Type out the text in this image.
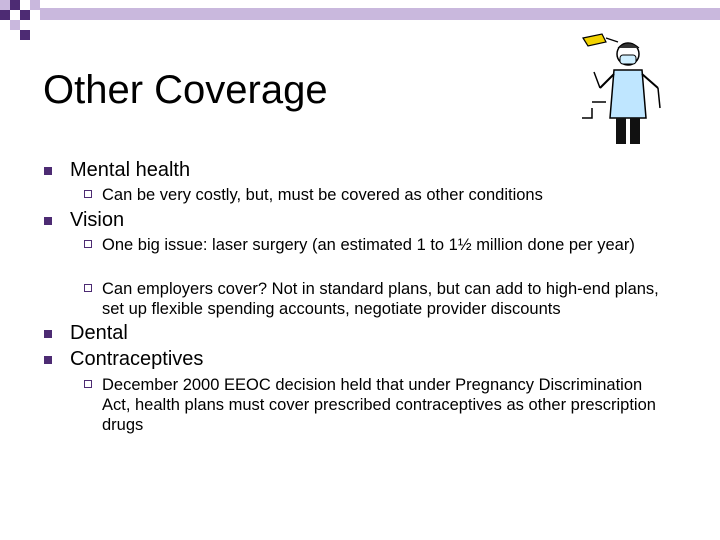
Other Coverage
Mental health
Can be very costly, but, must be covered as other conditions
Vision
One big issue: laser surgery (an estimated 1 to 1½ million done per year)
Can employers cover? Not in standard plans, but can add to high-end plans, set up flexible spending accounts, negotiate provider discounts
Dental
Contraceptives
December 2000 EEOC decision held that under Pregnancy Discrimination Act, health plans must cover prescribed contraceptives as other prescription drugs
